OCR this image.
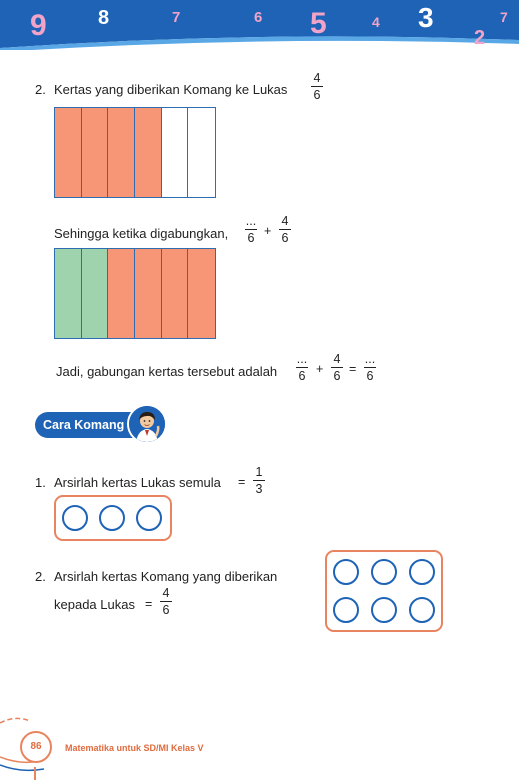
9	8	7	6 5	4 3
2
7
2. Kertas yang diberikan Komang ke Lukas
4
6
Sehingga ketika digabungkan,
...
6 +
4
6
Jadi, gabungan kertas tersebut adalah
...
6 +
4
6 =
...
6
Cara Komang
1. Arsirlah kertas Lukas semula =
1
3
2. Arsirlah kertas Komang yang diberikan
kepada Lukas =
4
6
86	Matematika untuk SD/MI Kelas V
